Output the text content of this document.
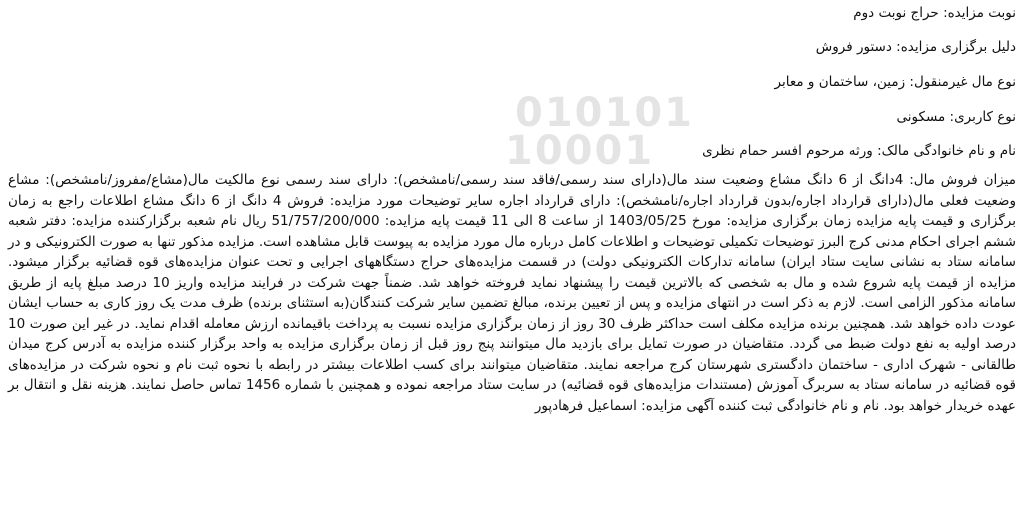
010101
10001

نوبت مزایده: حراج نوبت دوم

دلیل برگزاری مزایده: دستور فروش

نوع مال غیرمنقول: زمین، ساختمان و معابر

نوع کاربری: مسکونی

نام و نام خانوادگی مالک: ورثه مرحوم افسر حمام نظری

میزان فروش مال: 4دانگ از 6 دانگ مشاع وضعیت سند مال(دارای سند رسمی/فاقد سند رسمی/نامشخص): دارای سند رسمی نوع مالکیت مال(مشاع/مفروز/نامشخص): مشاع وضعیت فعلی مال(دارای قرارداد اجاره/بدون قرارداد اجاره/نامشخص): دارای قرارداد اجاره سایر توضیحات مورد مزایده: فروش 4 دانگ از 6 دانگ مشاع اطلاعات راجع به زمان برگزاری و قیمت پایه مزایده زمان برگزاری مزایده: مورخ 1403/05/25 از ساعت 8 الی 11 قیمت پایه مزایده: 51/757/200/000 ریال نام شعبه برگزارکننده مزایده: دفتر شعبه ششم اجرای احکام مدنی کرج البرز توضیحات تکمیلی توضیحات و اطلاعات کامل درباره مال مورد مزایده به پیوست قابل مشاهده است. مزایده مذکور تنها به صورت الکترونیکی و در سامانه ستاد به نشانی سایت ستاد ایران) سامانه تدارکات الکترونیکی دولت) در قسمت مزایده‌های حراج دستگاههای اجرایی و تحت عنوان مزایده‌های قوه قضائیه برگزار میشود. مزایده از قیمت پایه شروع شده و مال به شخصی که بالاترین قیمت را پیشنهاد نماید فروخته خواهد شد. ضمناً جهت شرکت در فرایند مزایده واریز 10 درصد مبلغ پایه از طریق سامانه مذکور الزامی است. لازم به ذکر است در انتهای مزایده و پس از تعیین برنده، مبالغ تضمین سایر شرکت کنندگان(به استثنای برنده) ظرف مدت یک روز کاری به حساب ایشان عودت داده خواهد شد. همچنین برنده مزایده مکلف است حداکثر ظرف 30 روز از زمان برگزاری مزایده نسبت به پرداخت باقیمانده ارزش معامله اقدام نماید. در غیر این صورت 10 درصد اولیه به نفع دولت ضبط می گردد. متقاضیان در صورت تمایل برای بازدید مال میتوانند پنج روز قبل از زمان برگزاری مزایده به واحد برگزار کننده مزایده به آدرس کرج میدان طالقانی - شهرک اداری - ساختمان دادگستری شهرستان کرج مراجعه نمایند. متقاضیان میتوانند برای کسب اطلاعات بیشتر در رابطه با نحوه ثبت نام و نحوه شرکت در مزایده‌های قوه قضائیه در سامانه ستاد به سربرگ آموزش (مستندات مزایده‌های قوه قضائیه) در سایت ستاد مراجعه نموده و همچنین با شماره 1456 تماس حاصل نمایند. هزینه نقل و انتقال بر عهده خریدار خواهد بود. نام و نام خانوادگی ثبت کننده آگهی مزایده: اسماعیل فرهادپور
